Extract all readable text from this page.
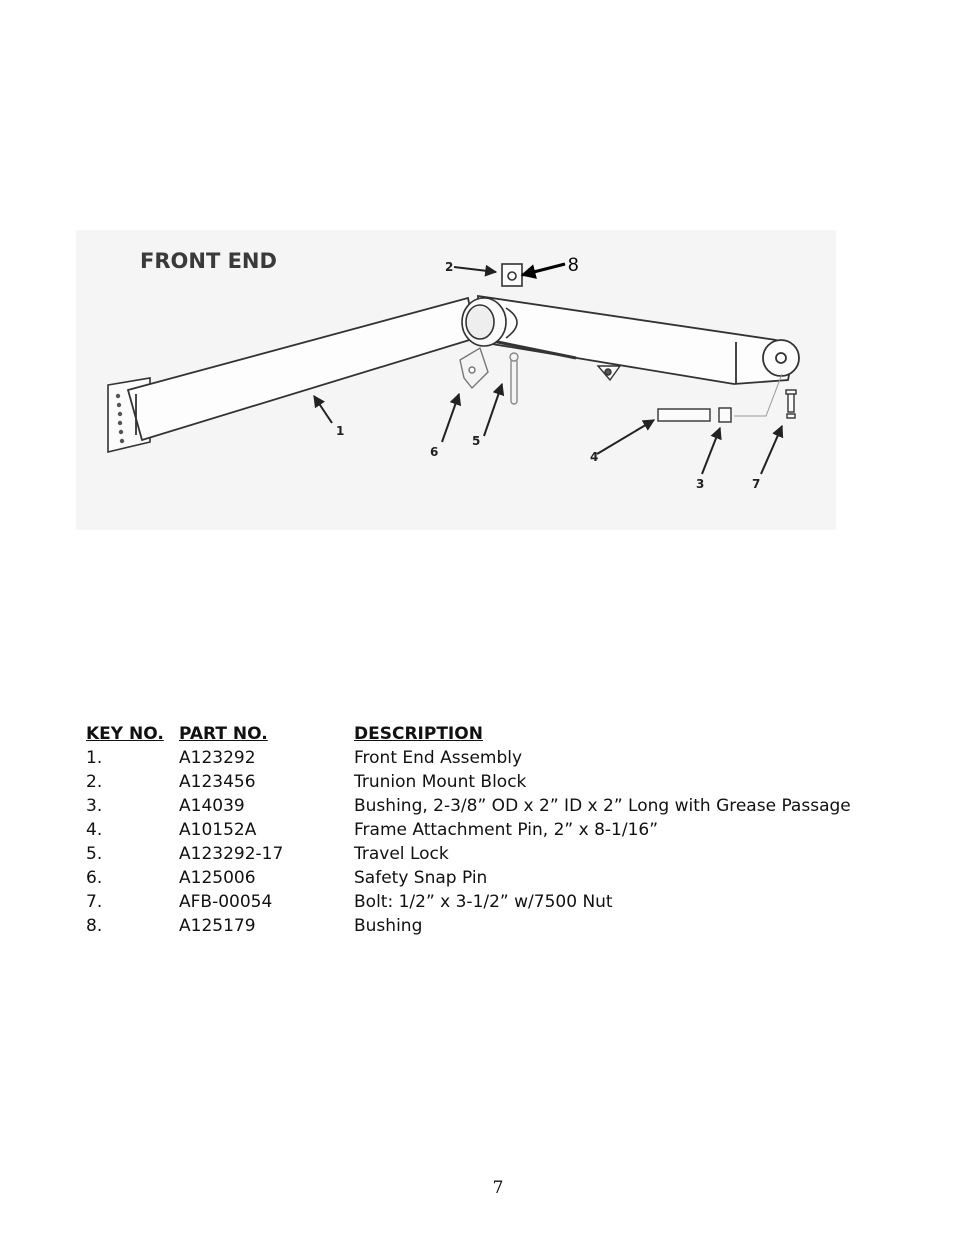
FRONT END
1
2
3
4
5
6
7
8
KEY NO.	PART NO.	DESCRIPTION
1.	A123292	Front End Assembly
2.	A123456	Trunion Mount Block
3.	A14039	Bushing, 2-3/8” OD x 2” ID x 2” Long with Grease Passage
4.	A10152A	Frame Attachment Pin, 2” x 8-1/16”
5.	A123292-17	Travel Lock
6.	A125006	Safety Snap Pin
7.	AFB-00054	Bolt: 1/2” x 3-1/2” w/7500 Nut
8.	A125179	Bushing
7
